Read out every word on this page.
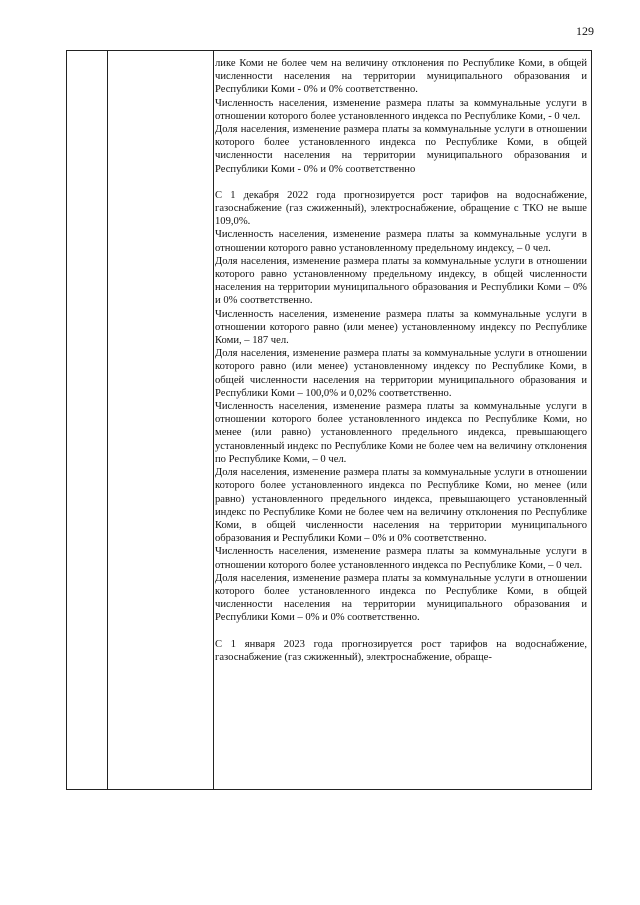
129

лике Коми не более чем на величину отклонения по Республике Коми, в общей численности населения на территории муниципального образования и Республики Коми - 0% и 0% соответственно.

Численность населения, изменение размера платы за коммунальные услуги в отношении которого более установленного индекса по Республике Коми, - 0 чел.

Доля населения, изменение размера платы за коммунальные услуги в отношении которого более установленного индекса по Республике Коми, в общей численности населения на территории муниципального образования и Республики Коми - 0% и 0% соответственно

С 1 декабря 2022 года прогнозируется рост тарифов на водоснабжение, газоснабжение (газ сжиженный), электроснабжение, обращение с ТКО не выше 109,0%.

Численность населения, изменение размера платы за коммунальные услуги в отношении которого равно установленному предельному индексу, – 0 чел.

Доля населения, изменение размера платы за коммунальные услуги в отношении которого равно установленному предельному индексу, в общей численности населения на территории муниципального образования и Республики Коми – 0% и 0% соответственно.

Численность населения, изменение размера платы за коммунальные услуги в отношении которого равно (или менее) установленному индексу по Республике Коми, – 187 чел.

Доля населения, изменение размера платы за коммунальные услуги в отношении которого равно (или менее) установленному индексу по Республике Коми, в общей численности населения на территории муниципального образования и Республики Коми – 100,0% и 0,02% соответственно.

Численность населения, изменение размера платы за коммунальные услуги в отношении которого более установленного индекса по Республике Коми, но менее (или равно) установленного предельного индекса, превышающего установленный индекс по Республике Коми не более чем на величину отклонения по Республике Коми, – 0 чел.

Доля населения, изменение размера платы за коммунальные услуги в отношении которого более установленного индекса по Республике Коми, но менее (или равно) установленного предельного индекса, превышающего установленный индекс по Республике Коми не более чем на величину отклонения по Республике Коми, в общей численности населения на территории муниципального образования и Республики Коми – 0% и 0% соответственно.

Численность населения, изменение размера платы за коммунальные услуги в отношении которого более установленного индекса по Республике Коми, – 0 чел.

Доля населения, изменение размера платы за коммунальные услуги в отношении которого более установленного индекса по Республике Коми, в общей численности населения на территории муниципального образования и Республики Коми – 0% и 0% соответственно.

С 1 января 2023 года прогнозируется рост тарифов на водоснабжение, газоснабжение (газ сжиженный), электроснабжение, обраще-
